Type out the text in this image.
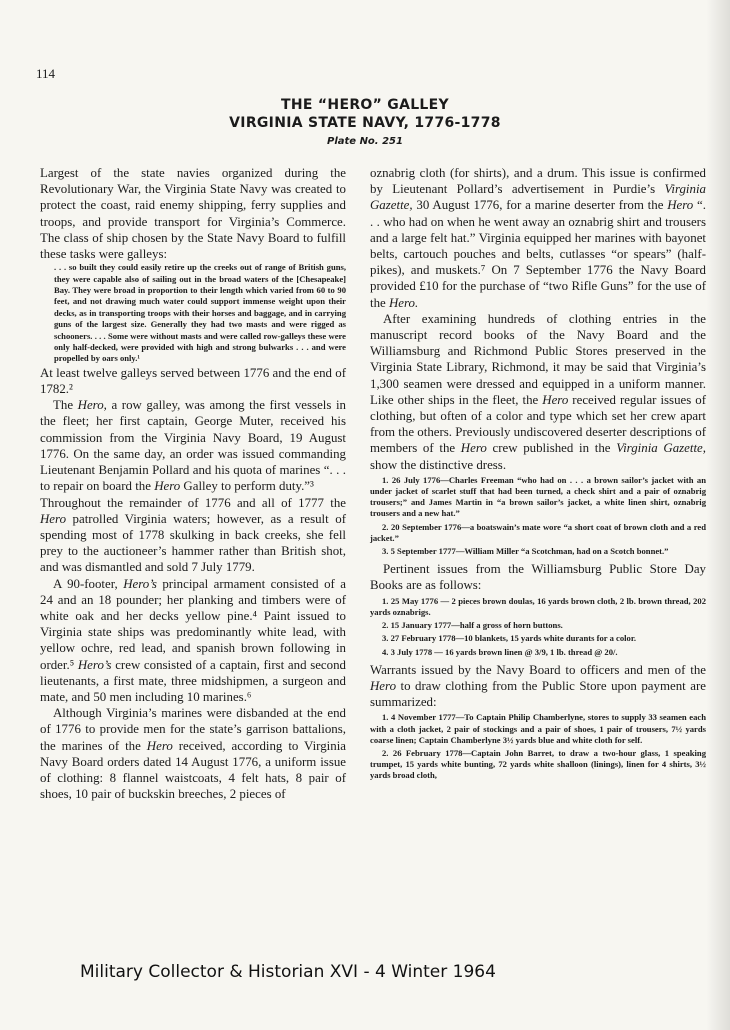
114
THE “HERO” GALLEY
VIRGINIA STATE NAVY, 1776-1778
Plate No. 251

Largest of the state navies organized during the Revolutionary War, the Virginia State Navy was created to protect the coast, raid enemy shipping, ferry supplies and troops, and provide transport for Virginia’s Commerce. The class of ship chosen by the State Navy Board to fulfill these tasks were galleys:

. . . so built they could easily retire up the creeks out of range of British guns, they were capable also of sailing out in the broad waters of the [Chesapeake] Bay. They were broad in proportion to their length which varied from 60 to 90 feet, and not drawing much water could support immense weight upon their decks, as in transporting troops with their horses and baggage, and in carrying guns of the largest size. Generally they had two masts and were rigged as schooners. . . . Some were without masts and were called row-galleys these were only half-decked, were provided with high and strong bulwarks . . . and were propelled by oars only.¹

At least twelve galleys served between 1776 and the end of 1782.²

The Hero, a row galley, was among the first vessels in the fleet; her first captain, George Muter, received his commission from the Virginia Navy Board, 19 August 1776. On the same day, an order was issued commanding Lieutenant Benjamin Pollard and his quota of marines “. . . to repair on board the Hero Galley to perform duty.”³

Throughout the remainder of 1776 and all of 1777 the Hero patrolled Virginia waters; however, as a result of spending most of 1778 skulking in back creeks, she fell prey to the auctioneer’s hammer rather than British shot, and was dismantled and sold 7 July 1779.

A 90-footer, Hero’s principal armament consisted of a 24 and an 18 pounder; her planking and timbers were of white oak and her decks yellow pine.⁴ Paint issued to Virginia state ships was predominantly white lead, with yellow ochre, red lead, and spanish brown following in order.⁵ Hero’s crew consisted of a captain, first and second lieutenants, a first mate, three midshipmen, a surgeon and mate, and 50 men including 10 marines.⁶

Although Virginia’s marines were disbanded at the end of 1776 to provide men for the state’s garrison battalions, the marines of the Hero received, according to Virginia Navy Board orders dated 14 August 1776, a uniform issue of clothing: 8 flannel waistcoats, 4 felt hats, 8 pair of shoes, 10 pair of buckskin breeches, 2 pieces of

oznabrig cloth (for shirts), and a drum. This issue is confirmed by Lieutenant Pollard’s advertisement in Purdie’s Virginia Gazette, 30 August 1776, for a marine deserter from the Hero “. . . who had on when he went away an oznabrig shirt and trousers and a large felt hat.” Virginia equipped her marines with bayonet belts, cartouch pouches and belts, cutlasses “or spears” (half-pikes), and muskets.⁷ On 7 September 1776 the Navy Board provided £10 for the purchase of “two Rifle Guns” for the use of the Hero.

After examining hundreds of clothing entries in the manuscript record books of the Navy Board and the Williamsburg and Richmond Public Stores preserved in the Virginia State Library, Richmond, it may be said that Virginia’s 1,300 seamen were dressed and equipped in a uniform manner. Like other ships in the fleet, the Hero received regular issues of clothing, but often of a color and type which set her crew apart from the others. Previously undiscovered deserter descriptions of members of the Hero crew published in the Virginia Gazette, show the distinctive dress.

1. 26 July 1776—Charles Freeman “who had on . . . a brown sailor’s jacket with an under jacket of scarlet stuff that had been turned, a check shirt and a pair of oznabrig trousers;” and James Martin in “a brown sailor’s jacket, a white linen shirt, oznabrig trousers and a new hat.”
2. 20 September 1776—a boatswain’s mate wore “a short coat of brown cloth and a red jacket.”
3. 5 September 1777—William Miller “a Scotchman, had on a Scotch bonnet.”

Pertinent issues from the Williamsburg Public Store Day Books are as follows:

1. 25 May 1776 — 2 pieces brown doulas, 16 yards brown cloth, 2 lb. brown thread, 202 yards oznabrigs.
2. 15 January 1777—half a gross of horn buttons.
3. 27 February 1778—10 blankets, 15 yards white durants for a color.
4. 3 July 1778 — 16 yards brown linen @ 3/9, 1 lb. thread @ 20/.

Warrants issued by the Navy Board to officers and men of the Hero to draw clothing from the Public Store upon payment are summarized:

1. 4 November 1777—To Captain Philip Chamberlyne, stores to supply 33 seamen each with a cloth jacket, 2 pair of stockings and a pair of shoes, 1 pair of trousers, 7½ yards coarse linen; Captain Chamberlyne 3½ yards blue and white cloth for self.
2. 26 February 1778—Captain John Barret, to draw a two-hour glass, 1 speaking trumpet, 15 yards white bunting, 72 yards white shalloon (linings), linen for 4 shirts, 3½ yards broad cloth,
Military Collector & Historian XVI - 4 Winter 1964
